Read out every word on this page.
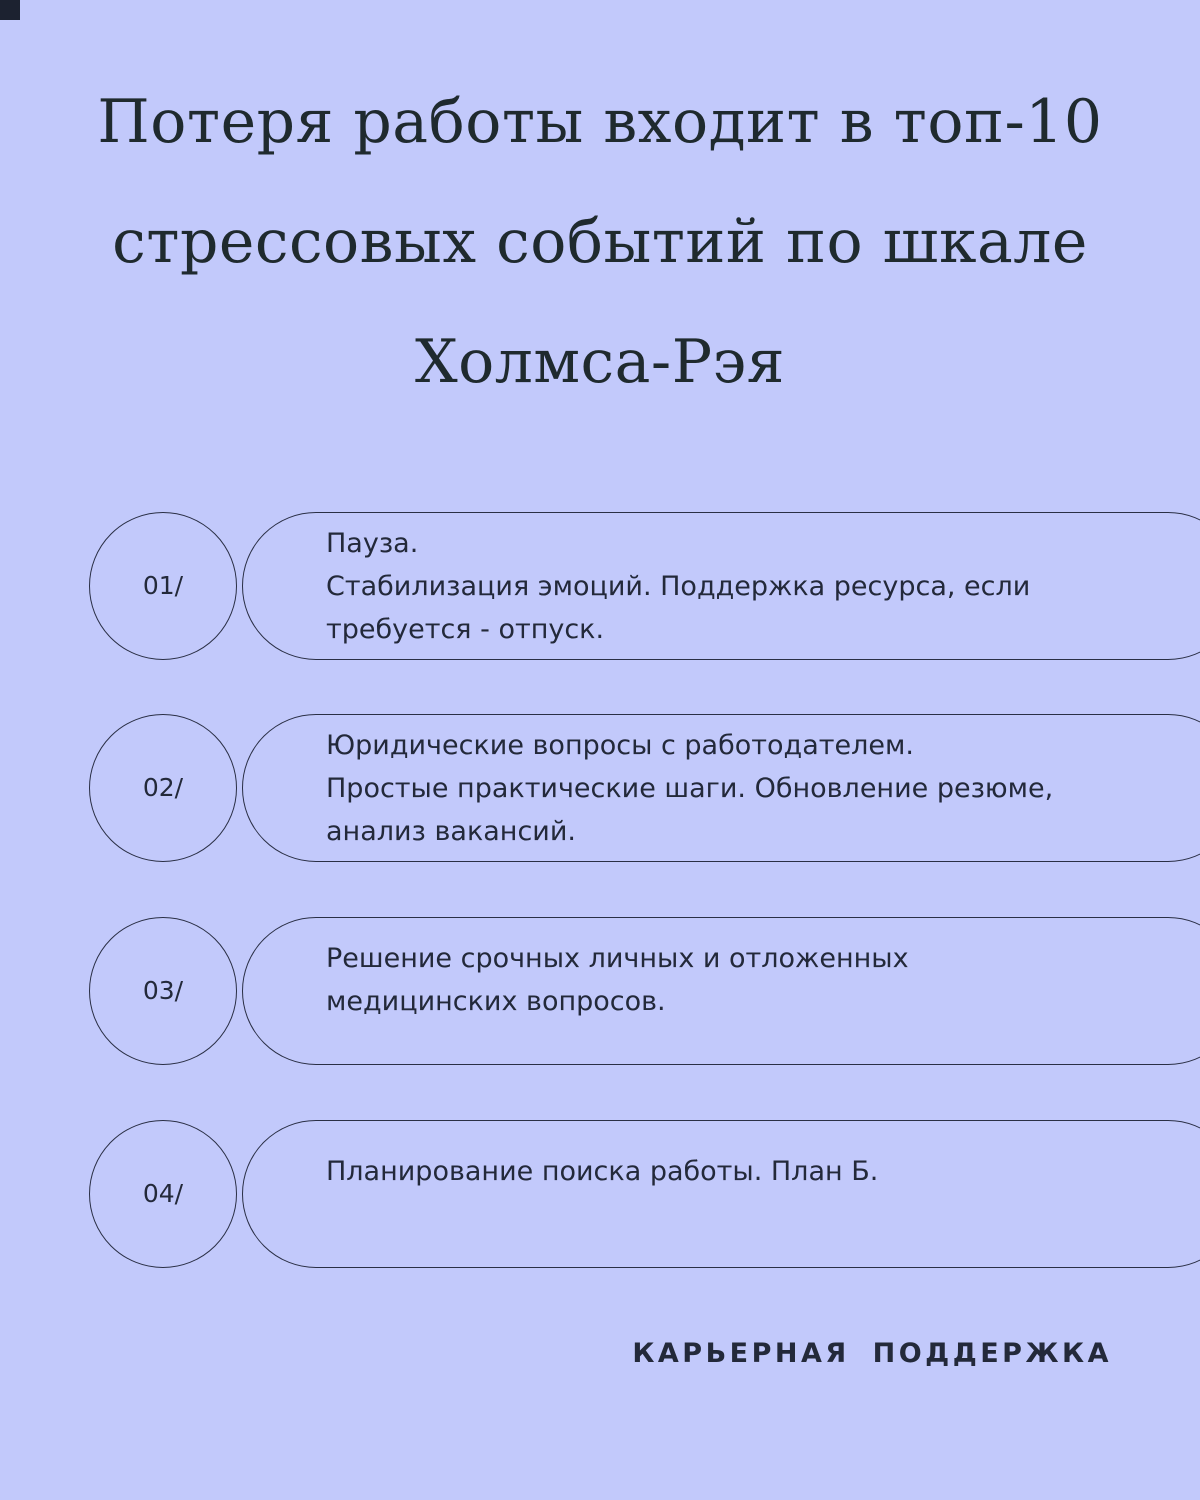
Потеря работы входит в топ-10
стрессовых событий по шкале
Холмса-Рэя
01/

Пауза.
Стабилизация эмоций. Поддержка ресурса, если
требуется - отпуск.

02/

Юридические вопросы с работодателем.
Простые практические шаги. Обновление резюме,
анализ вакансий.

03/

Решение срочных личных и отложенных
медицинских вопросов.

04/

Планирование поиска работы. План Б.

КАРЬЕРНАЯ ПОДДЕРЖКА
